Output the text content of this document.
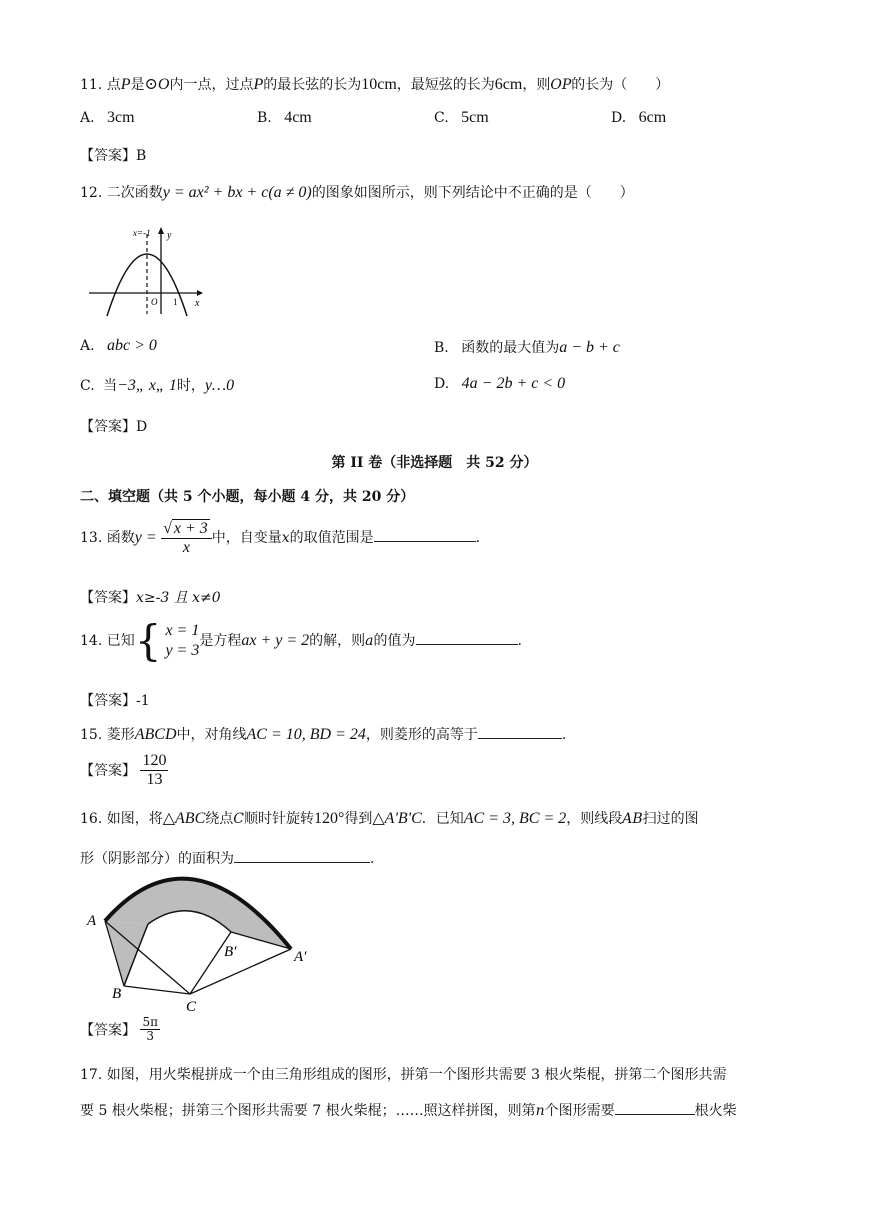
11. 点P是⊙O内一点，过点P的最长弦的长为10cm，最短弦的长为6cm，则OP的长为（　　）
A. 3cm	B. 4cm	C. 5cm	D. 6cm
【答案】B
12. 二次函数y = ax² + bx + c(a ≠ 0)的图象如图所示，则下列结论中不正确的是（　　）
x=-1 y
x
O 1
A. abc > 0	B. 函数的最大值为a − b + c
C. 当−3„ x„ 1时，y…0	D. 4a − 2b + c < 0
【答案】D
第 II 卷（非选择题　共 52 分）
二、填空题（共 5 个小题，每小题 4 分，共 20 分）
13. 函数$y = \frac{√ x + 3}{x}$ 中，自变量x的取值范围是	.
【答案】x≥-3 且 x≠0
14. 已知{ x = 1
y = 3
是方程ax + y = 2的解，则a的值为	.
【答案】-1
15. 菱形ABCD中，对角线AC = 10, BD = 24，则菱形的高等于	.
【答案】 $\frac{120}{13}$
16. 如图，将△ABC绕点C顺时针旋转120°得到△A'B'C．已知AC = 3, BC = 2，则线段AB扫过的图
形（阴影部分）的面积为	.
A
B
C
B′	A′
【答案】 $\frac{5\pi}{3}$
17. 如图，用火柴棍拼成一个由三角形组成的图形，拼第一个图形共需要 3 根火柴棍，拼第二个图形共需
要 5 根火柴棍；拼第三个图形共需要 7 根火柴棍；……照这样拼图，则第n个图形需要	根火柴
